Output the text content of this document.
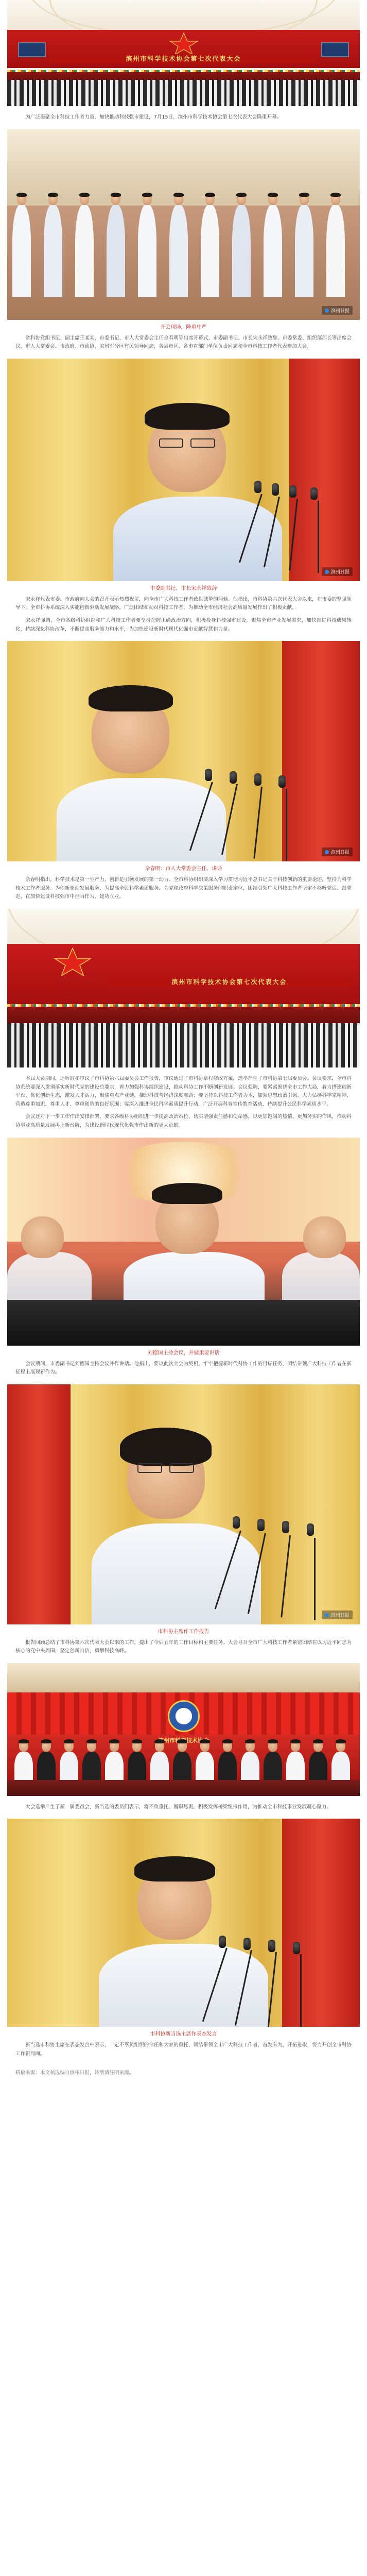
滨州市科学技术协会第七次代表大会

为广泛凝聚全市科技工作者力量，加快推动科技强市建设，7月15日，滨州市科学技术协会第七次代表大会隆重开幕。

滨州日报

开会现场，隆重庄严

省科协党组书记、副主席王某某，市委书记、市人大常委会主任佘春明等出席开幕式，市委副书记、市长宋永祥致辞。市委常委、组织部部长等出席会议。市人大常委会、市政府、市政协、滨州军分区有关领导同志，各县市区、各市直部门单位负责同志和全市科技工作者代表参加大会。

滨州日报

市委副书记、市长宋永祥致辞

宋永祥代表市委、市政府向大会的召开表示热烈祝贺，向全市广大科技工作者致以诚挚的问候。他指出，市科协第六次代表大会以来，在市委的坚强领导下，全市科协系统深入实施创新驱动发展战略，广泛团结和动员科技工作者，为推动全市经济社会高质量发展作出了积极贡献。

宋永祥强调，全市各级科协组织和广大科技工作者要坚持把握正确政治方向，积极投身科技强市建设，聚焦全市产业发展需求，加快推进科技成果转化，持续深化科协改革，不断提高服务能力和水平，为加快建设新时代现代化强市贡献智慧和力量。

滨州日报

佘春明：市人大常委会主任、讲话

佘春明指出，科学技术是第一生产力，创新是引领发展的第一动力。全市科协组织要深入学习贯彻习近平总书记关于科技创新的重要论述，坚持为科学技术工作者服务、为创新驱动发展服务、为提高全民科学素质服务、为党和政府科学决策服务的职责定位，团结引领广大科技工作者坚定不移听党话、跟党走，在加快建设科技强市中担当作为、建功立业。

滨州市科学技术协会第七次代表大会

本届大会期间，还听取和审议了市科协第六届委员会工作报告，审议通过了市科协章程修改方案，选举产生了市科协第七届委员会。会议要求，全市科协系统要深入贯彻落实新时代党的建设总要求，着力加强科协组织建设，推动科协工作不断创新发展。会议强调，要紧紧围绕全市工作大局，着力搭建创新平台，优化创新生态，激发人才活力，聚焦重点产业链，推动科技与经济深度融合；要坚持以科技工作者为本，加强思想政治引领，大力弘扬科学家精神，营造尊重知识、尊重人才、尊重创造的良好氛围；要深入推进全民科学素质提升行动，广泛开展科普宣传教育活动，持续提升公民科学素质水平。

会议还对下一步工作作出安排部署，要求各级科协组织进一步提高政治站位，切实增强责任感和使命感，以更加饱满的热情、更加务实的作风，推动科协事业高质量发展再上新台阶，为建设新时代现代化强市作出新的更大贡献。

刘德国主持会议，并做重要讲话

会议期间，市委副书记刘德国主持会议并作讲话。他指出，要以此次大会为契机，牢牢把握新时代科协工作的目标任务，团结带领广大科技工作者在新征程上展现新作为。

滨州日报

市科协主席作工作报告

报告回顾总结了市科协第六次代表大会以来的工作，提出了今后五年的工作目标和主要任务。大会号召全市广大科技工作者紧密团结在以习近平同志为核心的党中央周围，坚定创新自信，勇攀科技高峰。

大会选举产生了新一届委员会，新当选的委员们表示，将不负重托、履职尽责，积极发挥桥梁纽带作用，为推动全市科技事业发展凝心聚力。

市科协新当选主席作表态发言

新当选市科协主席在表态发言中表示，一定不辜负组织的信任和大家的重托，团结带领全市广大科技工作者，奋发有为，开拓进取，努力开创全市科协工作新局面。

精稿来源：本文稿选编自滨州日报，转载请注明来源。
